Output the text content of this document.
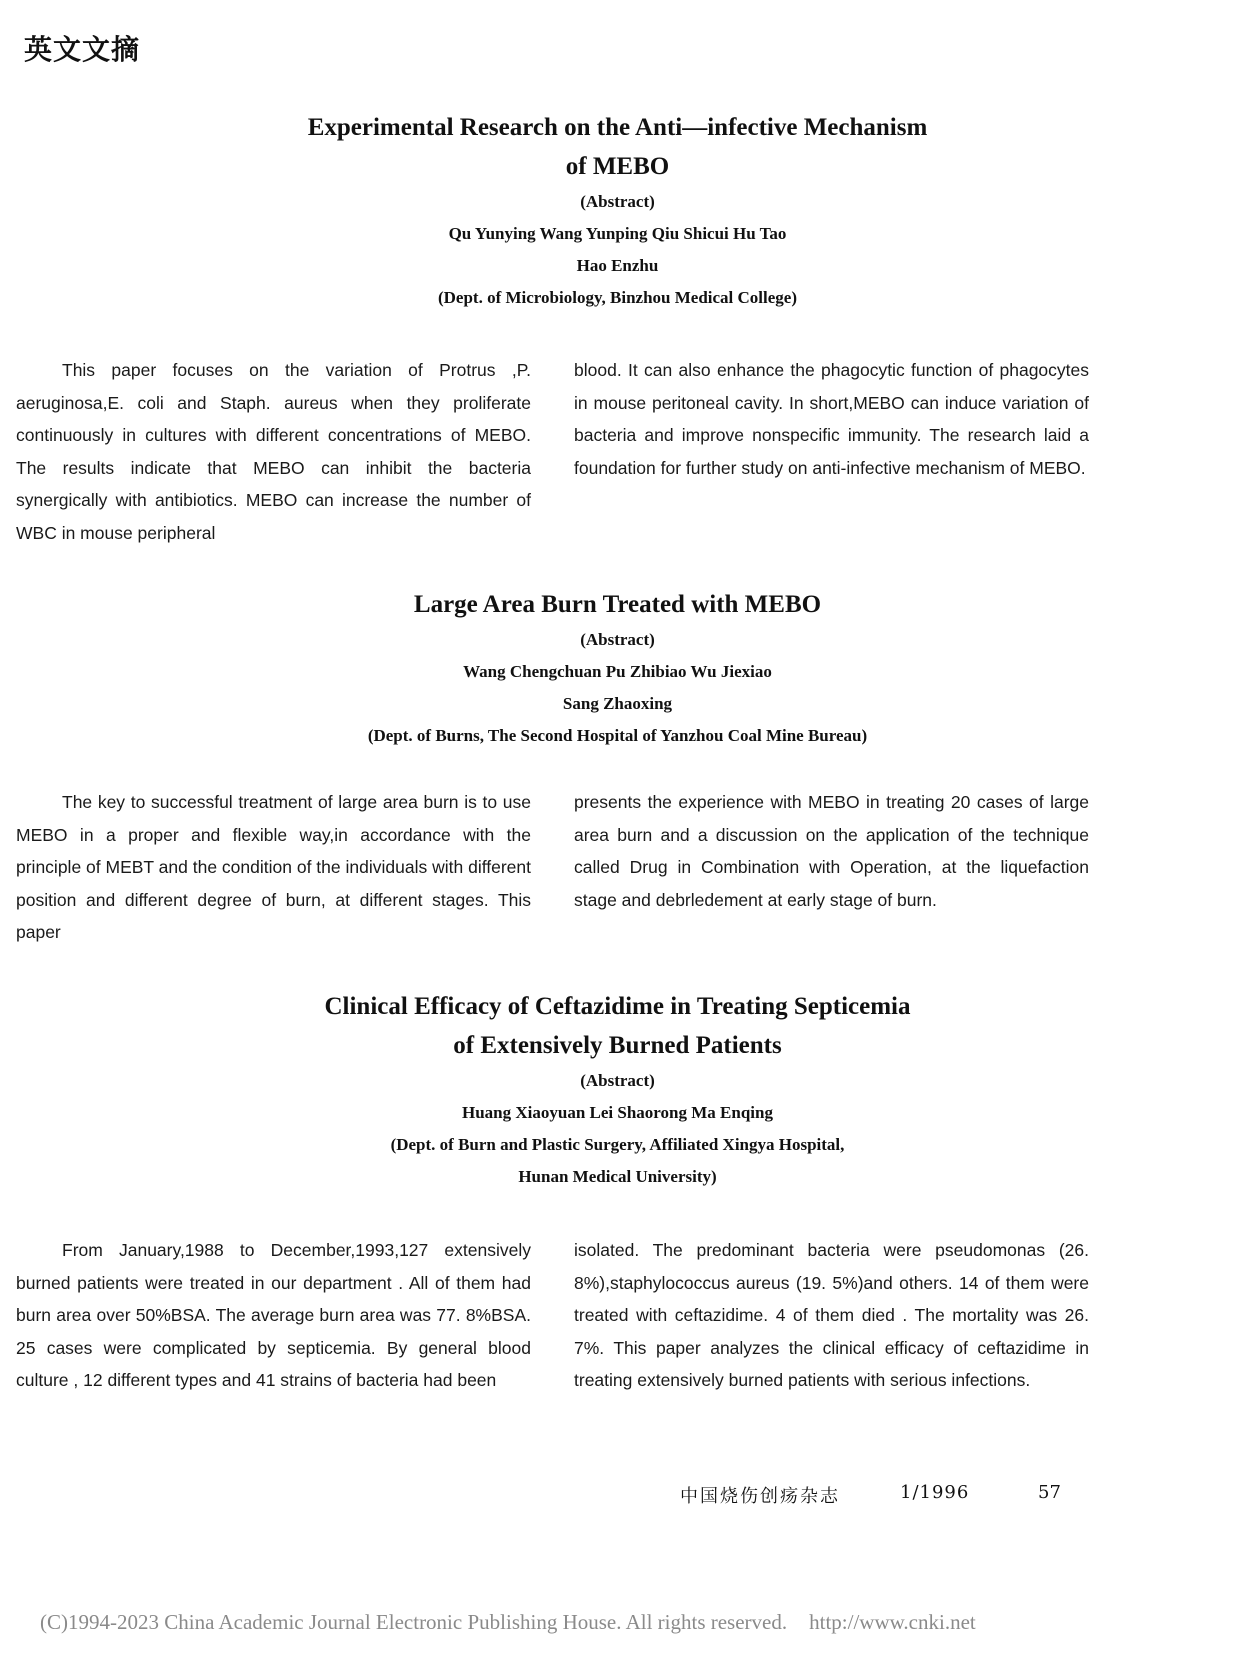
英文文摘
Experimental Research on the Anti—infective Mechanism
of MEBO
(Abstract)
Qu Yunying Wang Yunping Qiu Shicui Hu Tao
Hao Enzhu
(Dept. of Microbiology, Binzhou Medical College)

This paper focuses on the variation of Protrus ,P. aeruginosa,E. coli and Staph. aureus when they proliferate continuously in cultures with different concentrations of MEBO. The results indicate that MEBO can inhibit the bacteria synergically with antibiotics. MEBO can increase the number of WBC in mouse peripheral

blood. It can also enhance the phagocytic function of phagocytes in mouse peritoneal cavity. In short,MEBO can induce variation of bacteria and improve nonspecific immunity. The research laid a foundation for further study on anti-infective mechanism of MEBO.

Large Area Burn Treated with MEBO
(Abstract)
Wang Chengchuan Pu Zhibiao Wu Jiexiao
Sang Zhaoxing
(Dept. of Burns, The Second Hospital of Yanzhou Coal Mine Bureau)

The key to successful treatment of large area burn is to use MEBO in a proper and flexible way,in accordance with the principle of MEBT and the condition of the individuals with different position and different degree of burn, at different stages. This paper

presents the experience with MEBO in treating 20 cases of large area burn and a discussion on the application of the technique called Drug in Combination with Operation, at the liquefaction stage and debrledement at early stage of burn.

Clinical Efficacy of Ceftazidime in Treating Septicemia
of Extensively Burned Patients
(Abstract)
Huang Xiaoyuan Lei Shaorong Ma Enqing
(Dept. of Burn and Plastic Surgery, Affiliated Xingya Hospital,
Hunan Medical University)

From January,1988 to December,1993,127 extensively burned patients were treated in our department . All of them had burn area over 50%BSA. The average burn area was 77. 8%BSA. 25 cases were complicated by septicemia. By general blood culture , 12 different types and 41 strains of bacteria had been

isolated. The predominant bacteria were pseudomonas (26. 8%),staphylococcus aureus (19. 5%)and others. 14 of them were treated with ceftazidime. 4 of them died . The mortality was 26. 7%. This paper analyzes the clinical efficacy of ceftazidime in treating extensively burned patients with serious infections.

中国烧伤创疡杂志	1/1996	57
(C)1994-2023 China Academic Journal Electronic Publishing House. All rights reserved. http://www.cnki.net
